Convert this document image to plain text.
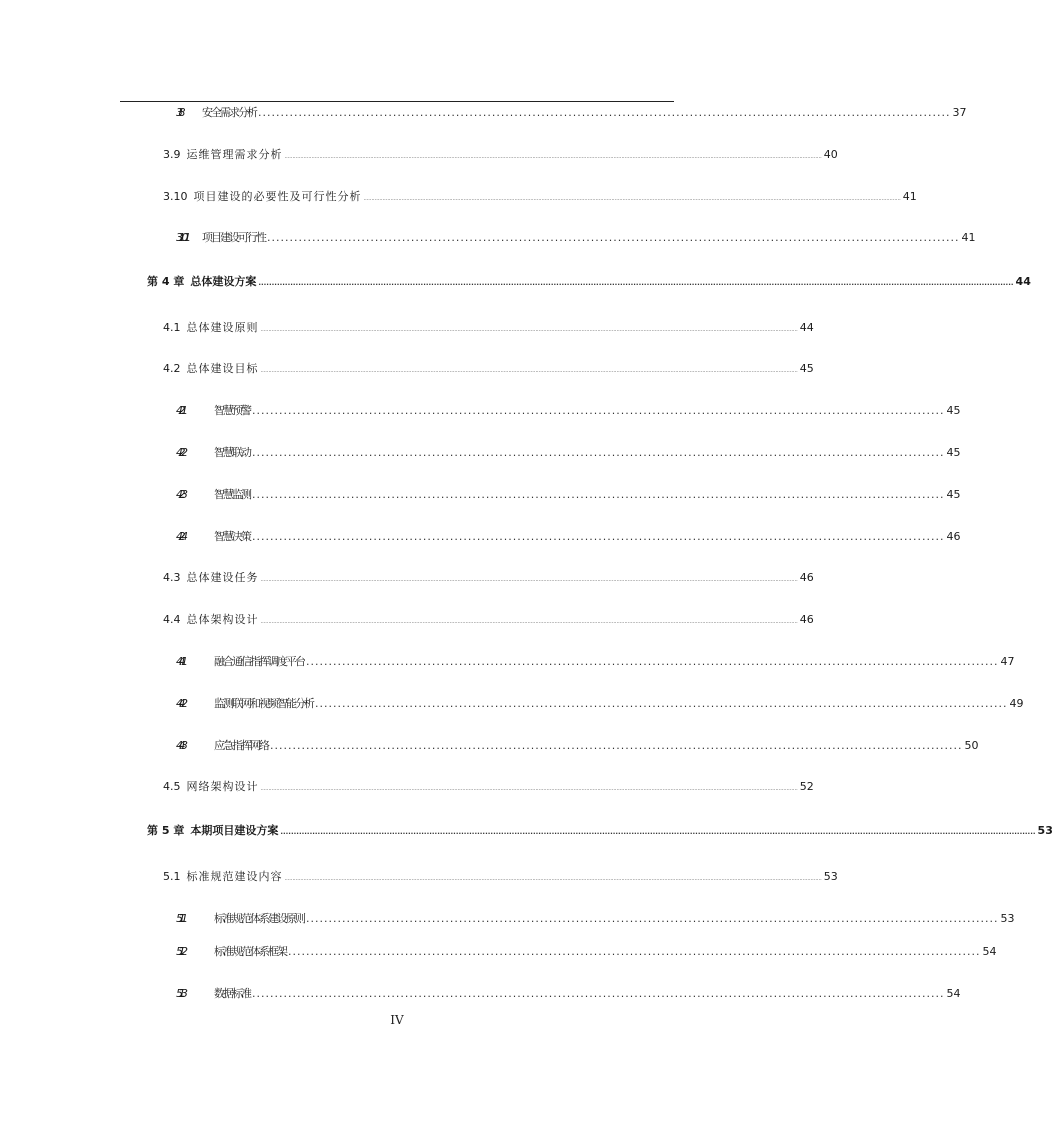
3.8	安全需求分析 .......................................................................................................................................................... 37
3.9 运维管理需求分析 .................................................................................................................................................................................................................................................................................................................................................. 40
3.10 项目建设的必要性及可行性分析 .................................................................................................................................................................................................................................................................................................................................................. 41
3.10.1	项目建设可行性 .......................................................................................................................................................... 41
第 4 章 总体建设方案 ............................................................................................................................................................................................................................................................................................ 44
4.1 总体建设原则 .................................................................................................................................................................................................................................................................................................................................................. 44
4.2 总体建设目标 .................................................................................................................................................................................................................................................................................................................................................. 45
4.2.1	智慧预警 .......................................................................................................................................................... 45
4.2.2	智慧联动 .......................................................................................................................................................... 45
4.2.3	智慧监测 .......................................................................................................................................................... 45
4.2.4	智慧决策 .......................................................................................................................................................... 46
4.3 总体建设任务 .................................................................................................................................................................................................................................................................................................................................................. 46
4.4 总体架构设计 .................................................................................................................................................................................................................................................................................................................................................. 46
4.4.1	融合通信指挥调度平台 .......................................................................................................................................................... 47
4.4.2	监测联网和视频智能分析 .......................................................................................................................................................... 49
4.4.3	应急指挥网络 .......................................................................................................................................................... 50
4.5 网络架构设计 .................................................................................................................................................................................................................................................................................................................................................. 52
第 5 章 本期项目建设方案 ............................................................................................................................................................................................................................................................................................ 53
5.1 标准规范建设内容 .................................................................................................................................................................................................................................................................................................................................................. 53
5.1.1	标准规范体系建设原则 .......................................................................................................................................................... 53
5.1.2	标准规范体系框架 .......................................................................................................................................................... 54
5.1.3	数据标准 .......................................................................................................................................................... 54
IV
